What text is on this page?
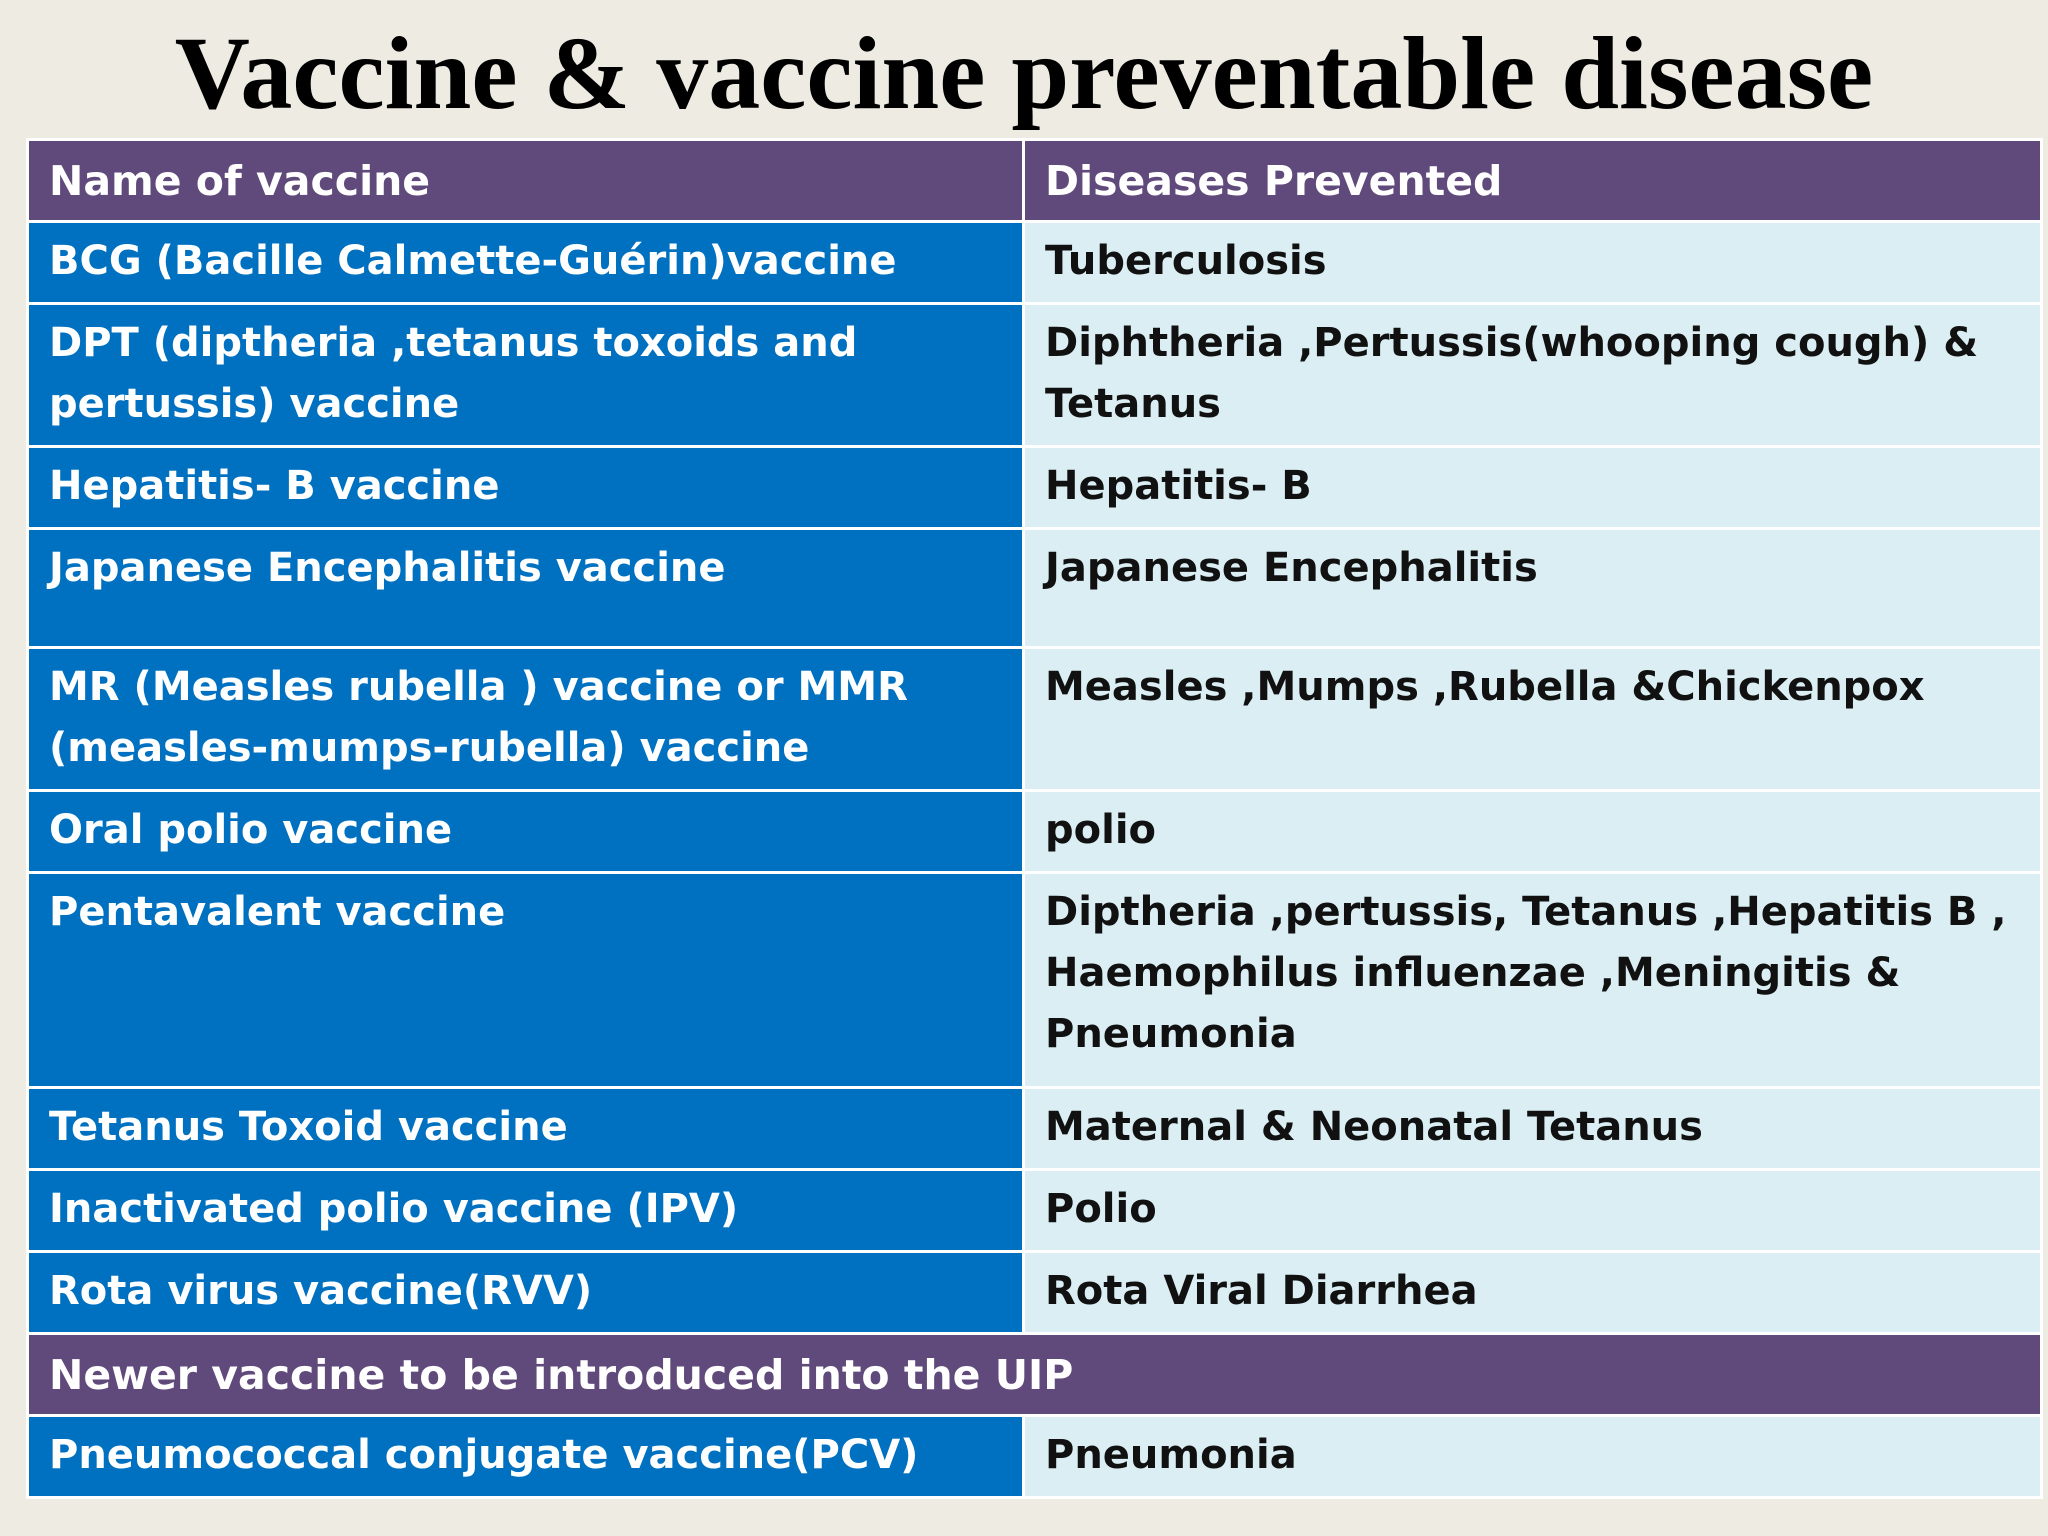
Vaccine & vaccine preventable disease
Name of vaccine	Diseases Prevented
BCG (Bacille Calmette-Guérin)vaccine	Tuberculosis
DPT (diptheria ,tetanus toxoids and pertussis) vaccine	Diphtheria ,Pertussis(whooping cough) & Tetanus
Hepatitis- B vaccine	Hepatitis- B
Japanese Encephalitis vaccine	Japanese Encephalitis
MR (Measles rubella ) vaccine or MMR (measles-mumps-rubella) vaccine	Measles ,Mumps ,Rubella &Chickenpox
Oral polio vaccine	polio
Pentavalent vaccine	Diptheria ,pertussis, Tetanus ,Hepatitis B , Haemophilus influenzae ,Meningitis & Pneumonia
Tetanus Toxoid vaccine	Maternal & Neonatal Tetanus
Inactivated polio vaccine (IPV)	Polio
Rota virus vaccine(RVV)	Rota Viral Diarrhea
Newer vaccine to be introduced into the UIP	
Pneumococcal conjugate vaccine(PCV)	Pneumonia
